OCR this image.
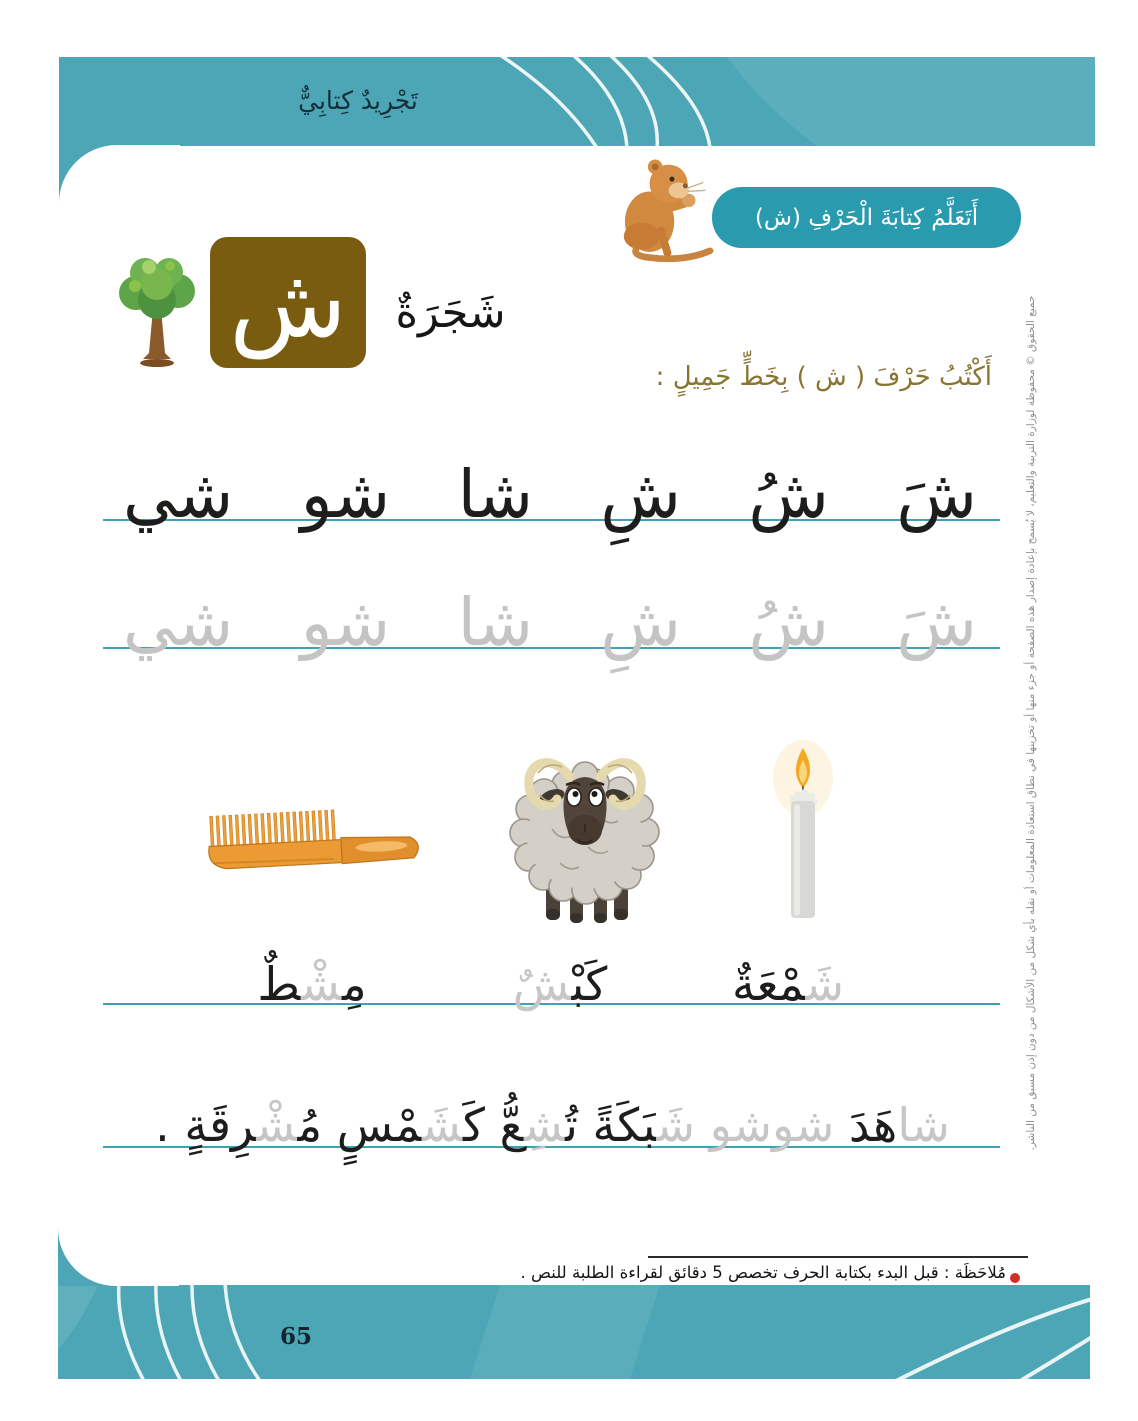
تَجْرِيدٌ كِتابِيٌّ
أَتَعَلَّمُ كِتابَةَ الْحَرْفِ (ش)
ش شَجَرَةٌ
أَكْتُبُ حَرْفَ ( ش ) بِخَطٍّ جَمِيلٍ :
شَ
شُ
شِ
شا
شو
شي
شَ
شُ
شِ
شا
شو
شي
شَ‍‍مْعَةٌ
كَبْ‍‍شٌ
مِ‍‍شْ‍‍طٌ
شاهَدَ شوشو شَ‍‍بَكَةً تُ‍‍شِ‍‍عُّ كَ‍‍شَ‍‍مْسٍ مُ‍‍شْ‍‍رِقَةٍ .
مُلاحَظَة : قبل البدء بكتابة الحرف تخصص 5 دقائق لقراءة الطلبة للنص .
65
جميع الحقوق © محفوظة لوزارة التربية والتعليم، لا يُسمح بإعادة إصدار هذه الصفحة أو جزء منها أو تخزينها في نطاق استعادة المعلومات أو نقله بأي شكل من الأشكال من دون إذن مسبق من الناشر.
